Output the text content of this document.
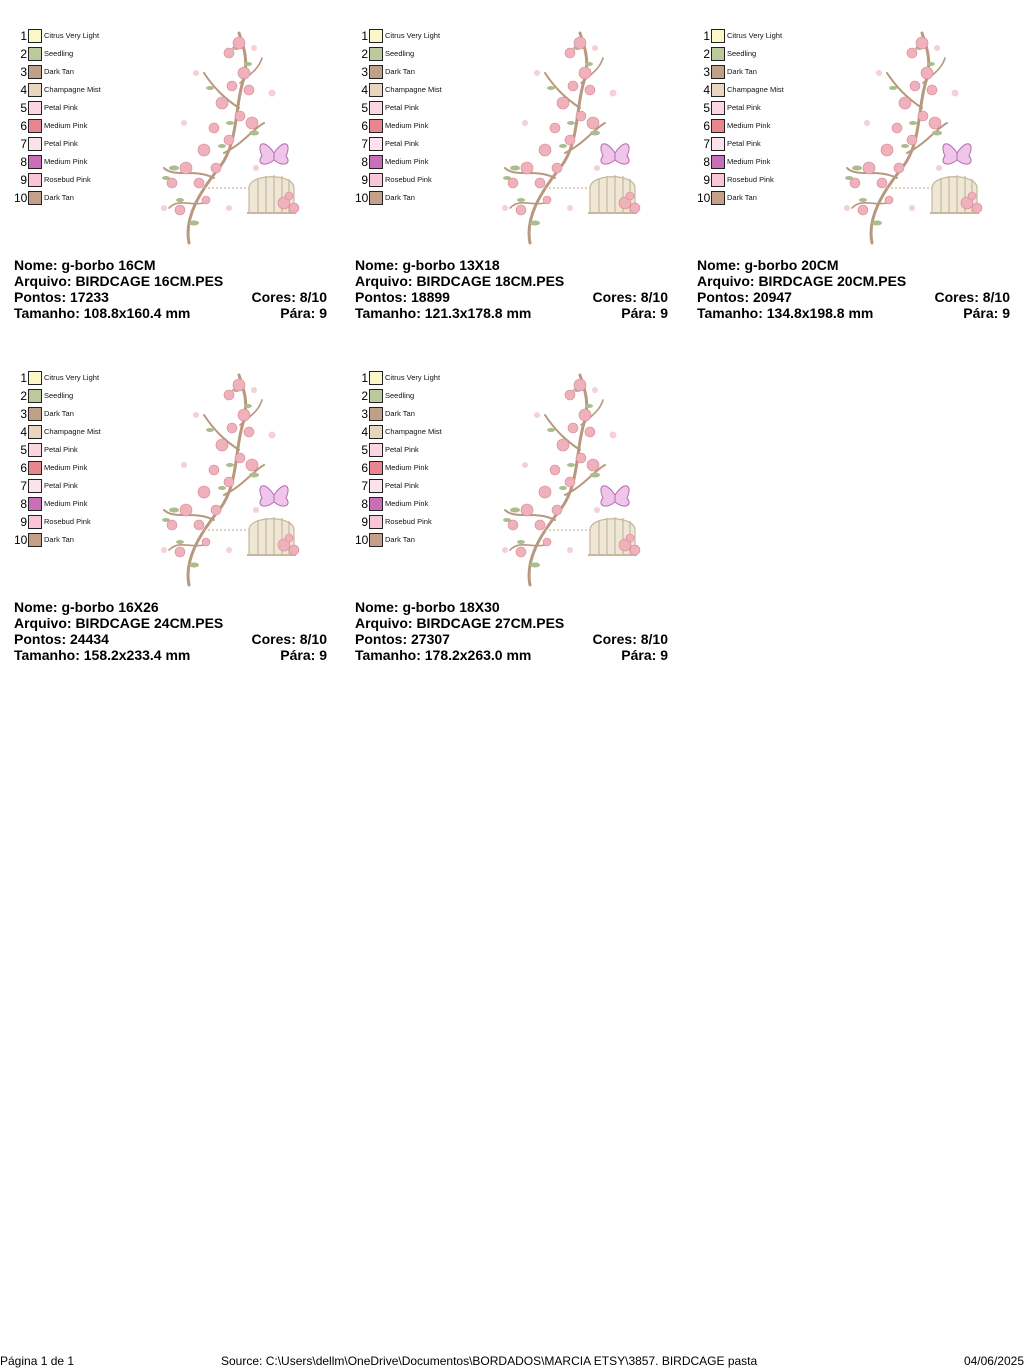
1 Citrus Very Light
2 Seedling
3 Dark Tan
4 Champagne Mist
5 Petal Pink
6 Medium Pink
7 Petal Pink
8 Medium Pink
9 Rosebud Pink
10 Dark Tan
Nome: g-borbo 16CM
Arquivo: BIRDCAGE 16CM.PES
Pontos: 17233	Cores: 8/10
Tamanho: 108.8x160.4 mm	Pára: 9
1 Citrus Very Light
2 Seedling
3 Dark Tan
4 Champagne Mist
5 Petal Pink
6 Medium Pink
7 Petal Pink
8 Medium Pink
9 Rosebud Pink
10 Dark Tan
Nome: g-borbo 13X18
Arquivo: BIRDCAGE 18CM.PES
Pontos: 18899	Cores: 8/10
Tamanho: 121.3x178.8 mm	Pára: 9
1 Citrus Very Light
2 Seedling
3 Dark Tan
4 Champagne Mist
5 Petal Pink
6 Medium Pink
7 Petal Pink
8 Medium Pink
9 Rosebud Pink
10 Dark Tan
Nome: g-borbo 20CM
Arquivo: BIRDCAGE 20CM.PES
Pontos: 20947	Cores: 8/10
Tamanho: 134.8x198.8 mm	Pára: 9
1 Citrus Very Light
2 Seedling
3 Dark Tan
4 Champagne Mist
5 Petal Pink
6 Medium Pink
7 Petal Pink
8 Medium Pink
9 Rosebud Pink
10 Dark Tan
Nome: g-borbo 16X26
Arquivo: BIRDCAGE 24CM.PES
Pontos: 24434	Cores: 8/10
Tamanho: 158.2x233.4 mm	Pára: 9
1 Citrus Very Light
2 Seedling
3 Dark Tan
4 Champagne Mist
5 Petal Pink
6 Medium Pink
7 Petal Pink
8 Medium Pink
9 Rosebud Pink
10 Dark Tan
Nome: g-borbo 18X30
Arquivo: BIRDCAGE 27CM.PES
Pontos: 27307	Cores: 8/10
Tamanho: 178.2x263.0 mm	Pára: 9
Página 1 de 1	Source: C:\Users\dellm\OneDrive\Documentos\BORDADOS\MARCIA ETSY\3857. BIRDCAGE pasta	04/06/2025
